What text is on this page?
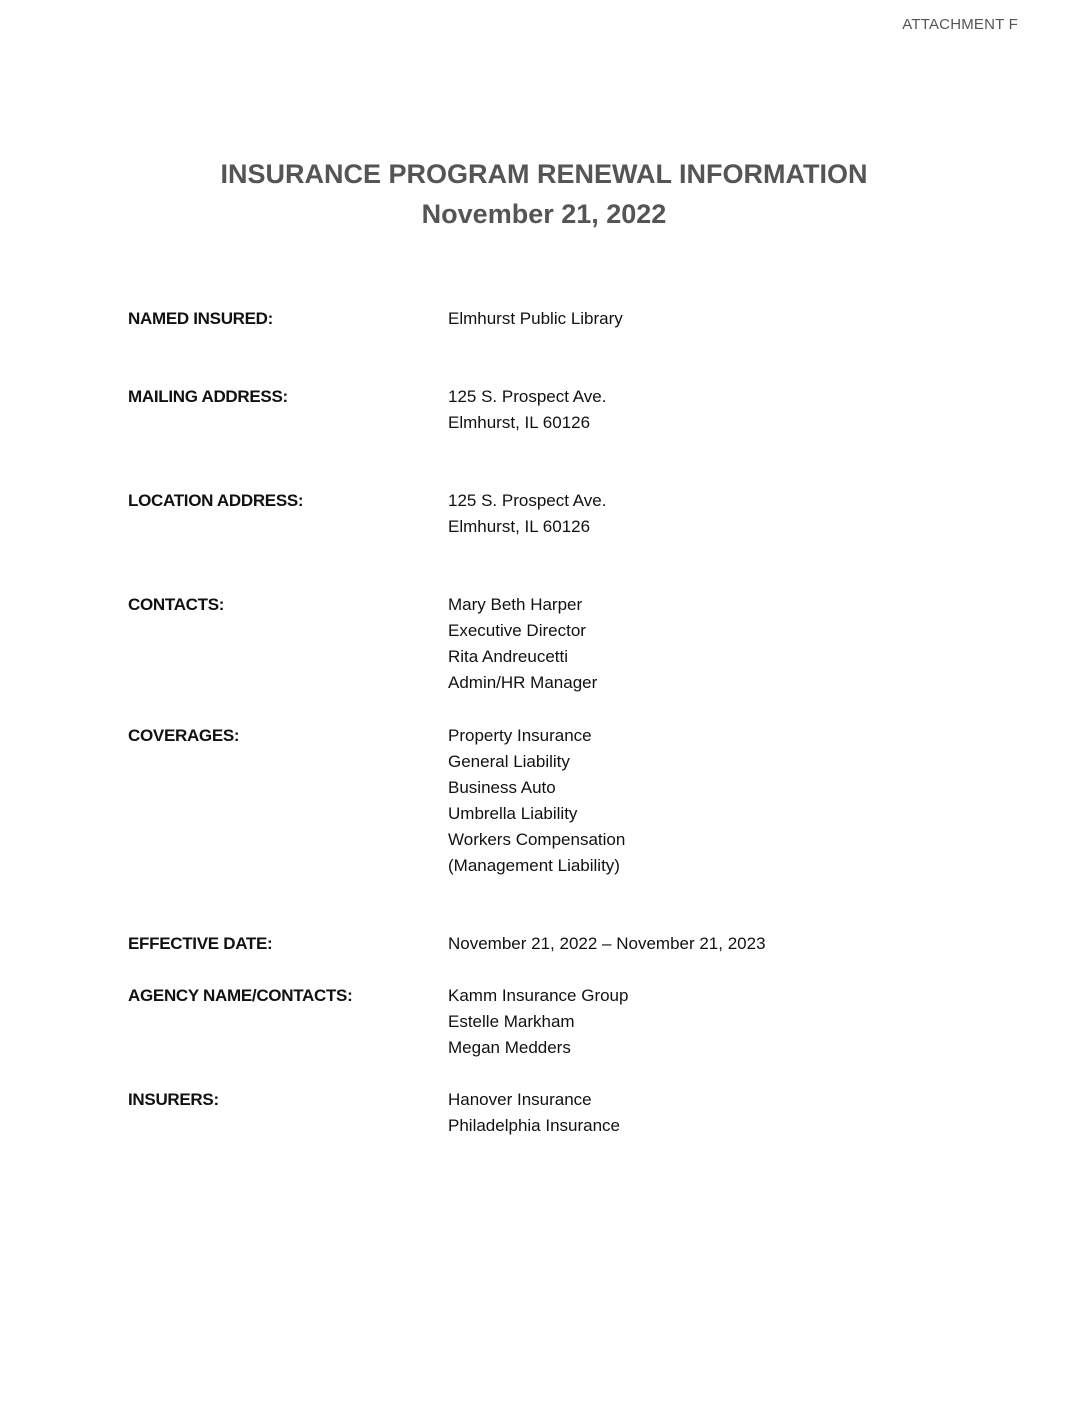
ATTACHMENT F
INSURANCE PROGRAM RENEWAL INFORMATION
November 21, 2022
NAMED INSURED:	Elmhurst Public Library
MAILING ADDRESS:	125 S. Prospect Ave.
Elmhurst, IL 60126
LOCATION ADDRESS:	125 S. Prospect Ave.
Elmhurst, IL 60126
CONTACTS:	Mary Beth Harper
Executive Director
Rita Andreucetti
Admin/HR Manager
COVERAGES:	Property Insurance
General Liability
Business Auto
Umbrella Liability
Workers Compensation
(Management Liability)
EFFECTIVE DATE:	November 21, 2022 – November 21, 2023
AGENCY NAME/CONTACTS:	Kamm Insurance Group
Estelle Markham
Megan Medders
INSURERS:	Hanover Insurance
Philadelphia Insurance
